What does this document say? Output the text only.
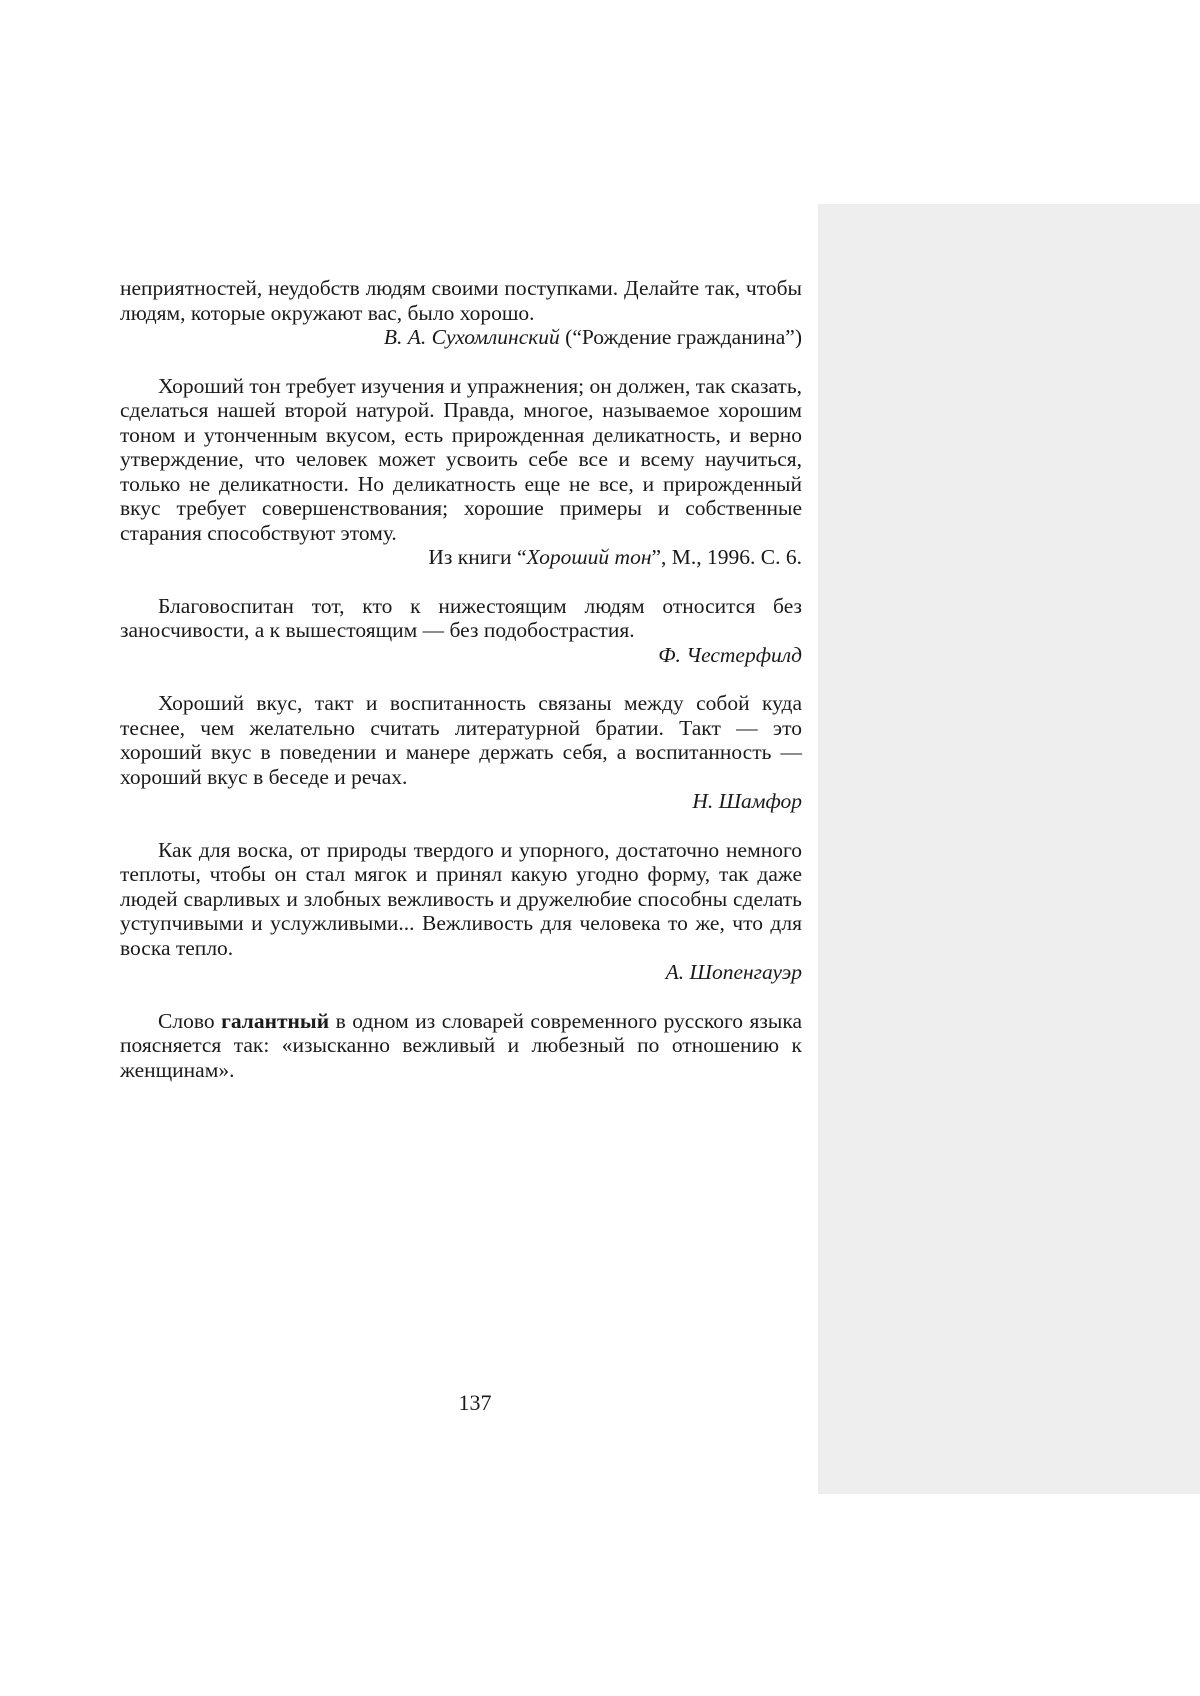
неприятностей, неудобств людям своими поступками. Делайте так, чтобы людям, которые окружают вас, было хорошо.

В. А. Сухомлинский (“Рождение гражданина”)

Хороший тон требует изучения и упражнения; он должен, так сказать, сделаться нашей второй натурой. Правда, многое, называемое хорошим тоном и утонченным вкусом, есть прирожденная деликатность, и верно утверждение, что человек может усвоить себе все и всему научиться, только не деликатности. Но деликатность еще не все, и прирожденный вкус требует совершенствования; хорошие примеры и собственные старания способствуют этому.

Из книги “Хороший тон”, М., 1996. С. 6.

Благовоспитан тот, кто к нижестоящим людям относится без заносчивости, а к вышестоящим — без подобострастия.

Ф. Честерфилд

Хороший вкус, такт и воспитанность связаны между собой куда теснее, чем желательно считать литературной братии. Такт — это хороший вкус в поведении и манере держать себя, а воспитанность — хороший вкус в беседе и речах.

Н. Шамфор

Как для воска, от природы твердого и упорного, достаточно немного теплоты, чтобы он стал мягок и принял какую угодно форму, так даже людей сварливых и злобных вежливость и дружелюбие способны сделать уступчивыми и услужливыми... Вежливость для человека то же, что для воска тепло.

А. Шопенгауэр

Слово галантный в одном из словарей современного русского языка поясняется так: «изысканно вежливый и любезный по отношению к женщинам».

137
